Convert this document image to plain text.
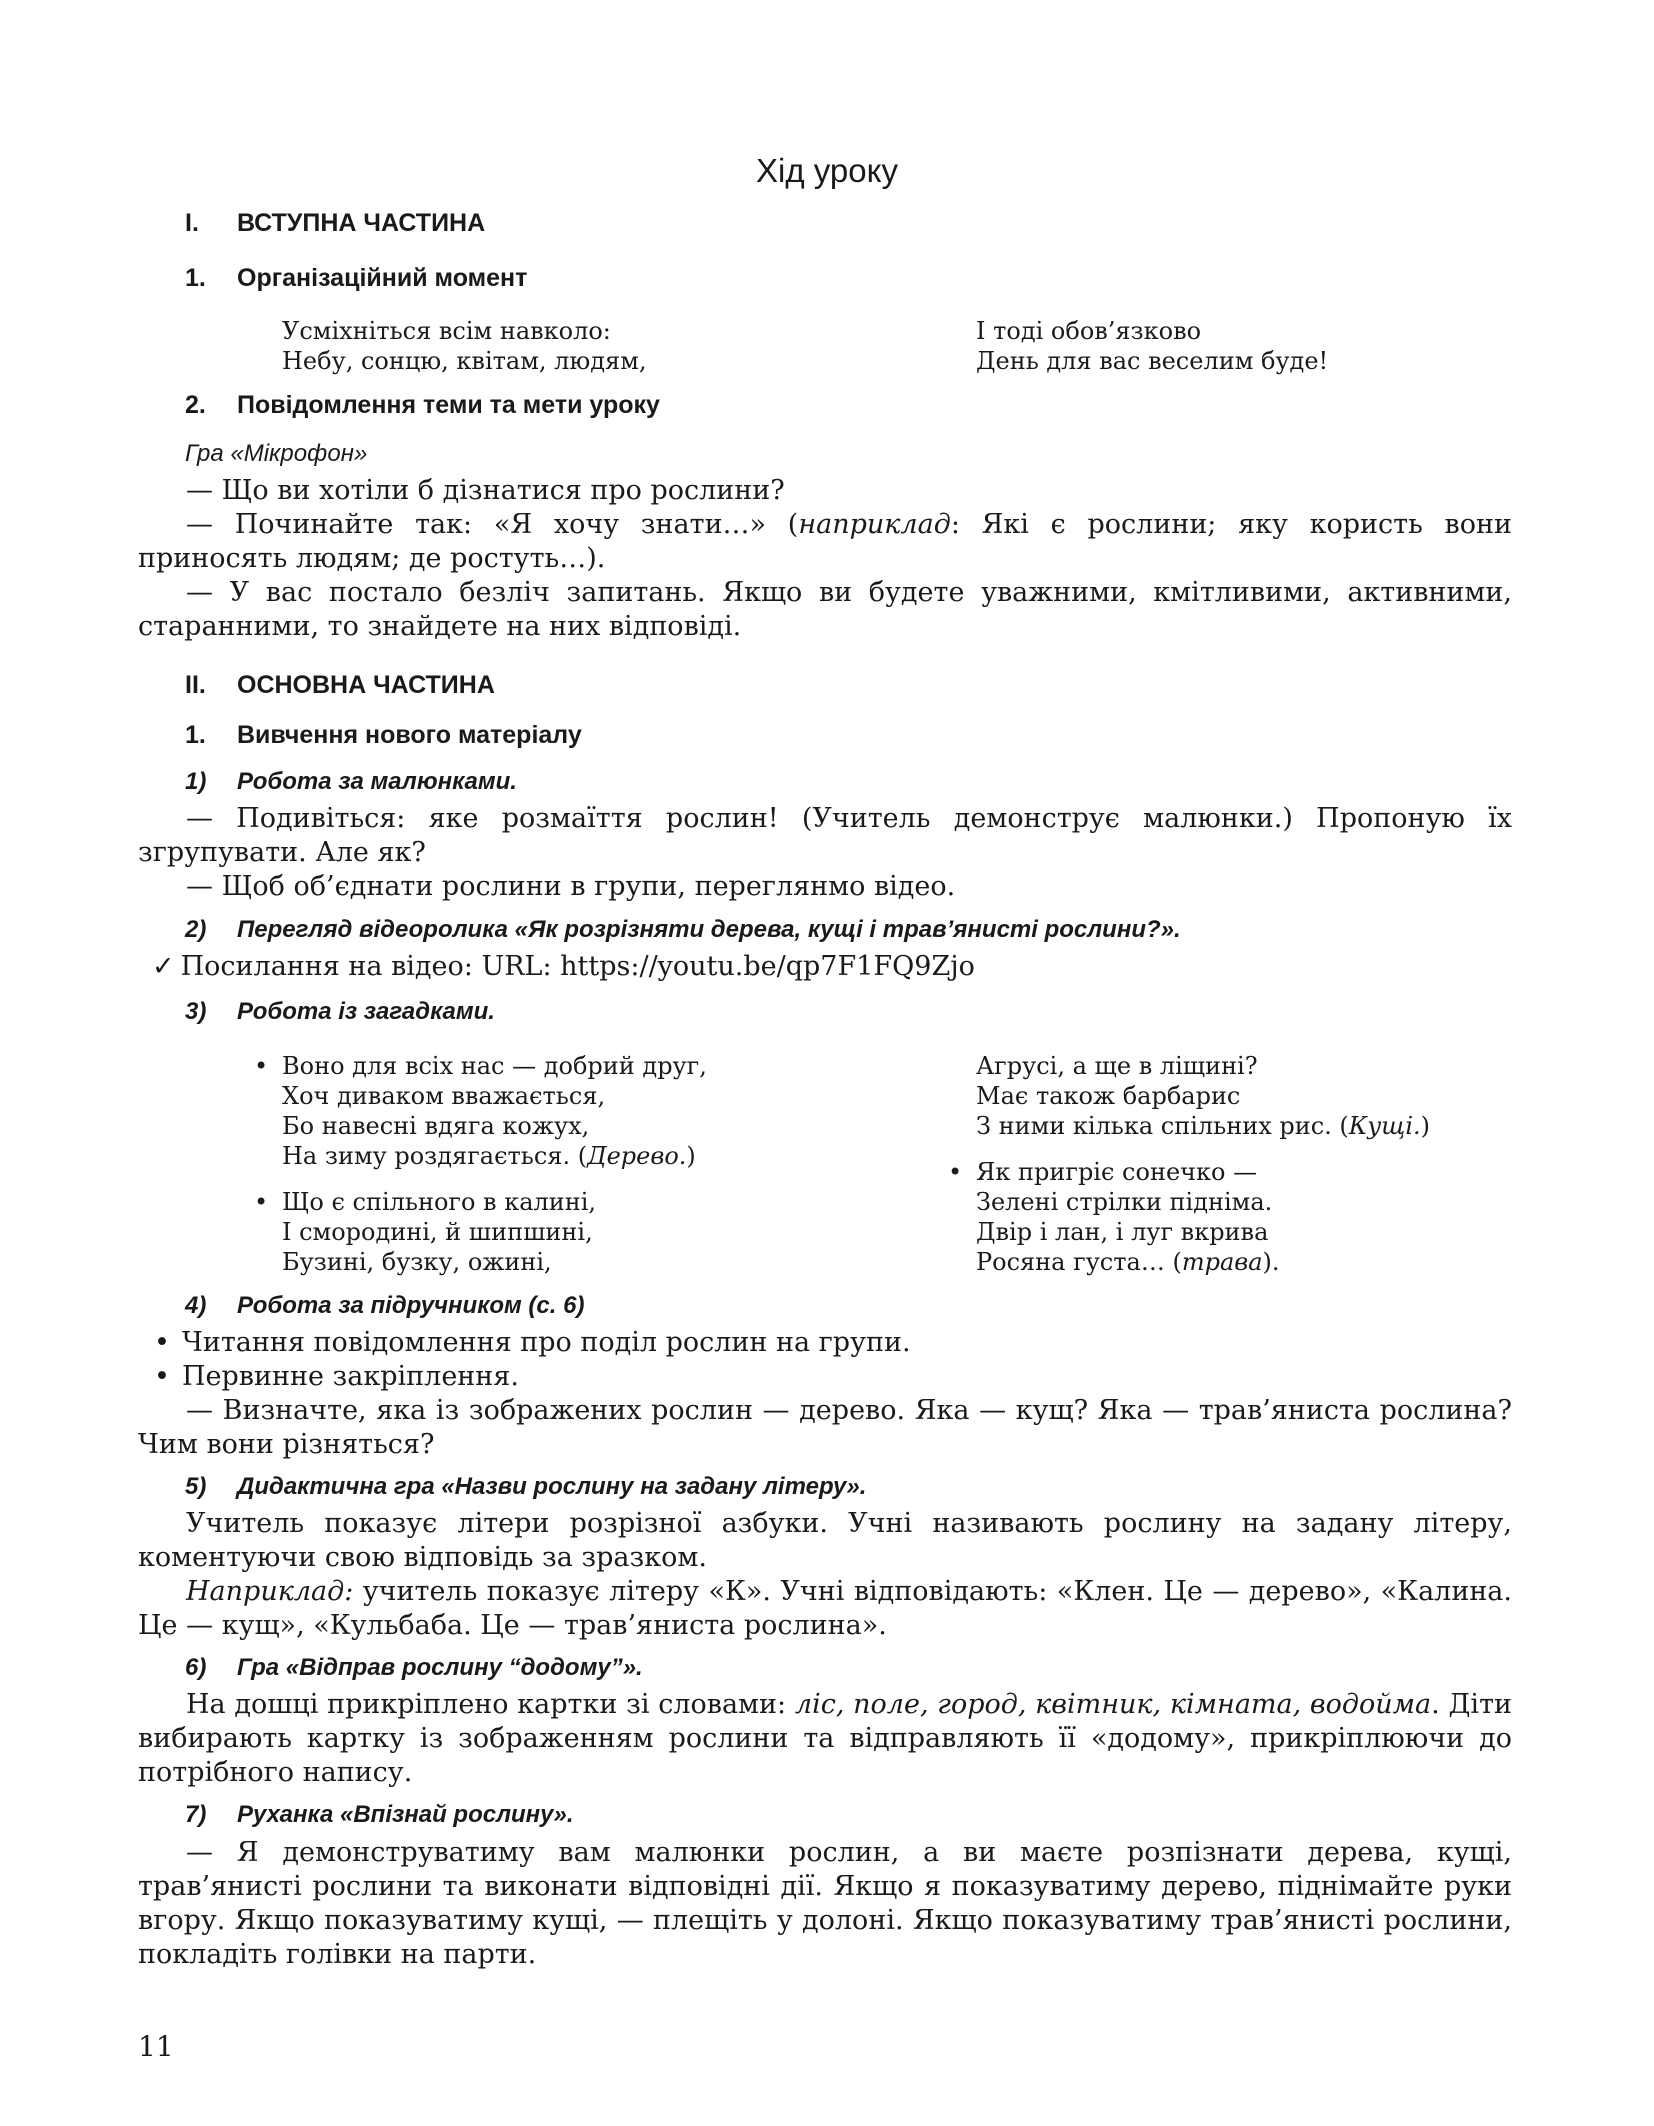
Хід уроку
I. ВСТУПНА ЧАСТИНА
1. Організаційний момент
Усміхніться всім навколо:
Небу, сонцю, квітам, людям,
І тоді обов’язково
День для вас веселим буде!
2. Повідомлення теми та мети уроку
Гра «Мікрофон»
— Що ви хотіли б дізнатися про рослини?
— Починайте так: «Я хочу знати…» (наприклад: Які є рослини; яку користь вони приносять людям; де ростуть…).
— У вас постало безліч запитань. Якщо ви будете уважними, кмітливими, активними, старанними, то знайдете на них відповіді.
II. ОСНОВНА ЧАСТИНА
1. Вивчення нового матеріалу
1) Робота за малюнками.
— Подивіться: яке розмаїття рослин! (Учитель демонструє малюнки.) Пропоную їх згрупувати. Але як?
— Щоб об’єднати рослини в групи, переглянмо відео.
2) Перегляд відеоролика «Як розрізняти дерева, кущі і трав’янисті рослини?».
✓ Посилання на відео: URL: https://youtu.be/qp7F1FQ9Zjo
3) Робота із загадками.
• Воно для всіх нас — добрий друг,
Хоч диваком вважається,
Бо навесні вдяга кожух,
На зиму роздягається. (Дерево.)
• Що є спільного в калині,
І смородині, й шипшині,
Бузині, бузку, ожині,
Агрусі, а ще в ліщині?
Має також барбарис
З ними кілька спільних рис. (Кущі.)
• Як пригріє сонечко —
Зелені стрілки підніма.
Двір і лан, і луг вкрива
Росяна густа… (трава).
4) Робота за підручником (с. 6)
• Читання повідомлення про поділ рослин на групи.
• Первинне закріплення.
— Визначте, яка із зображених рослин — дерево. Яка — кущ? Яка — трав’яниста рослина? Чим вони різняться?
5) Дидактична гра «Назви рослину на задану літеру».
Учитель показує літери розрізної азбуки. Учні називають рослину на задану літеру, коментуючи свою відповідь за зразком.
Наприклад: учитель показує літеру «К». Учні відповідають: «Клен. Це — дерево», «Калина. Це — кущ», «Кульбаба. Це — трав’яниста рослина».
6) Гра «Відправ рослину “додому”».
На дошці прикріплено картки зі словами: ліс, поле, город, квітник, кімната, водойма. Діти вибирають картку із зображенням рослини та відправляють її «додому», прикріплюючи до потрібного напису.
7) Руханка «Впізнай рослину».
— Я демонструватиму вам малюнки рослин, а ви маєте розпізнати дерева, кущі, трав’янисті рослини та виконати відповідні дії. Якщо я показуватиму дерево, піднімайте руки вгору. Якщо показуватиму кущі, — плещіть у долоні. Якщо показуватиму трав’янисті рослини, покладіть голівки на парти.
11
